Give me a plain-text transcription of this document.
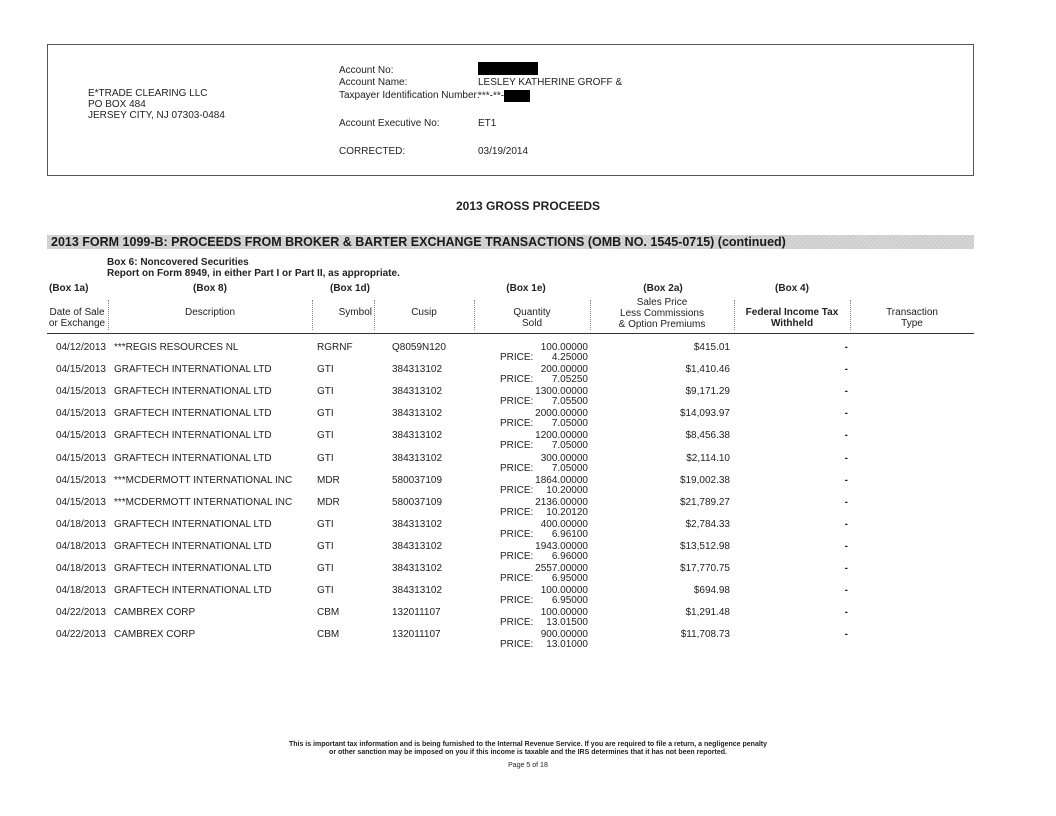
E*TRADE CLEARING LLC
PO BOX 484
JERSEY CITY, NJ 07303-0484
Account No:
Account Name:	LESLEY KATHERINE GROFF &
Taxpayer Identification Number:
***-**-
Account Executive No:	ET1
CORRECTED:	03/19/2014
2013 GROSS PROCEEDS
2013 FORM 1099-B: PROCEEDS FROM BROKER & BARTER EXCHANGE TRANSACTIONS (OMB NO. 1545-0715) (continued)
Box 6: Noncovered Securities
Report on Form 8949, in either Part I or Part II, as appropriate.
(Box 1a)	(Box 8)	(Box 1d)	(Box 1e)	(Box 2a)	(Box 4)
Date of Sale
or Exchange
Description	Symbol	Cusip	Quantity
Sold
Sales Price
Less Commissions
& Option Premiums
Federal Income Tax
Withheld
Transaction
Type
04/12/2013 ***REGIS RESOURCES NL	RGRNF	Q8059N120	100.00000	$415.01	-
PRICE:	4.25000
04/15/2013 GRAFTECH INTERNATIONAL LTD	GTI	384313102	200.00000	$1,410.46	-
PRICE:	7.05250
04/15/2013 GRAFTECH INTERNATIONAL LTD	GTI	384313102	1300.00000	$9,171.29	-
PRICE:	7.05500
04/15/2013 GRAFTECH INTERNATIONAL LTD	GTI	384313102	2000.00000	$14,093.97	-
PRICE:	7.05000
04/15/2013 GRAFTECH INTERNATIONAL LTD	GTI	384313102	1200.00000	$8,456.38	-
PRICE:	7.05000
04/15/2013 GRAFTECH INTERNATIONAL LTD	GTI	384313102	300.00000	$2,114.10	-
PRICE:	7.05000
04/15/2013 ***MCDERMOTT INTERNATIONAL INC	MDR	580037109	1864.00000	$19,002.38	-
PRICE:	10.20000
04/15/2013 ***MCDERMOTT INTERNATIONAL INC	MDR	580037109	2136.00000	$21,789.27	-
PRICE:	10.20120
04/18/2013 GRAFTECH INTERNATIONAL LTD	GTI	384313102	400.00000	$2,784.33	-
PRICE:	6.96100
04/18/2013 GRAFTECH INTERNATIONAL LTD	GTI	384313102	1943.00000	$13,512.98	-
PRICE:	6.96000
04/18/2013 GRAFTECH INTERNATIONAL LTD	GTI	384313102	2557.00000	$17,770.75	-
PRICE:	6.95000
04/18/2013 GRAFTECH INTERNATIONAL LTD	GTI	384313102	100.00000	$694.98	-
PRICE:	6.95000
04/22/2013 CAMBREX CORP	CBM	132011107	100.00000	$1,291.48	-
PRICE:	13.01500
04/22/2013 CAMBREX CORP	CBM	132011107	900.00000	$11,708.73	-
PRICE:	13.01000
This is important tax information and is being furnished to the Internal Revenue Service. If you are required to file a return, a negligence penalty
or other sanction may be imposed on you if this income is taxable and the IRS determines that it has not been reported.
Page 5 of 18
